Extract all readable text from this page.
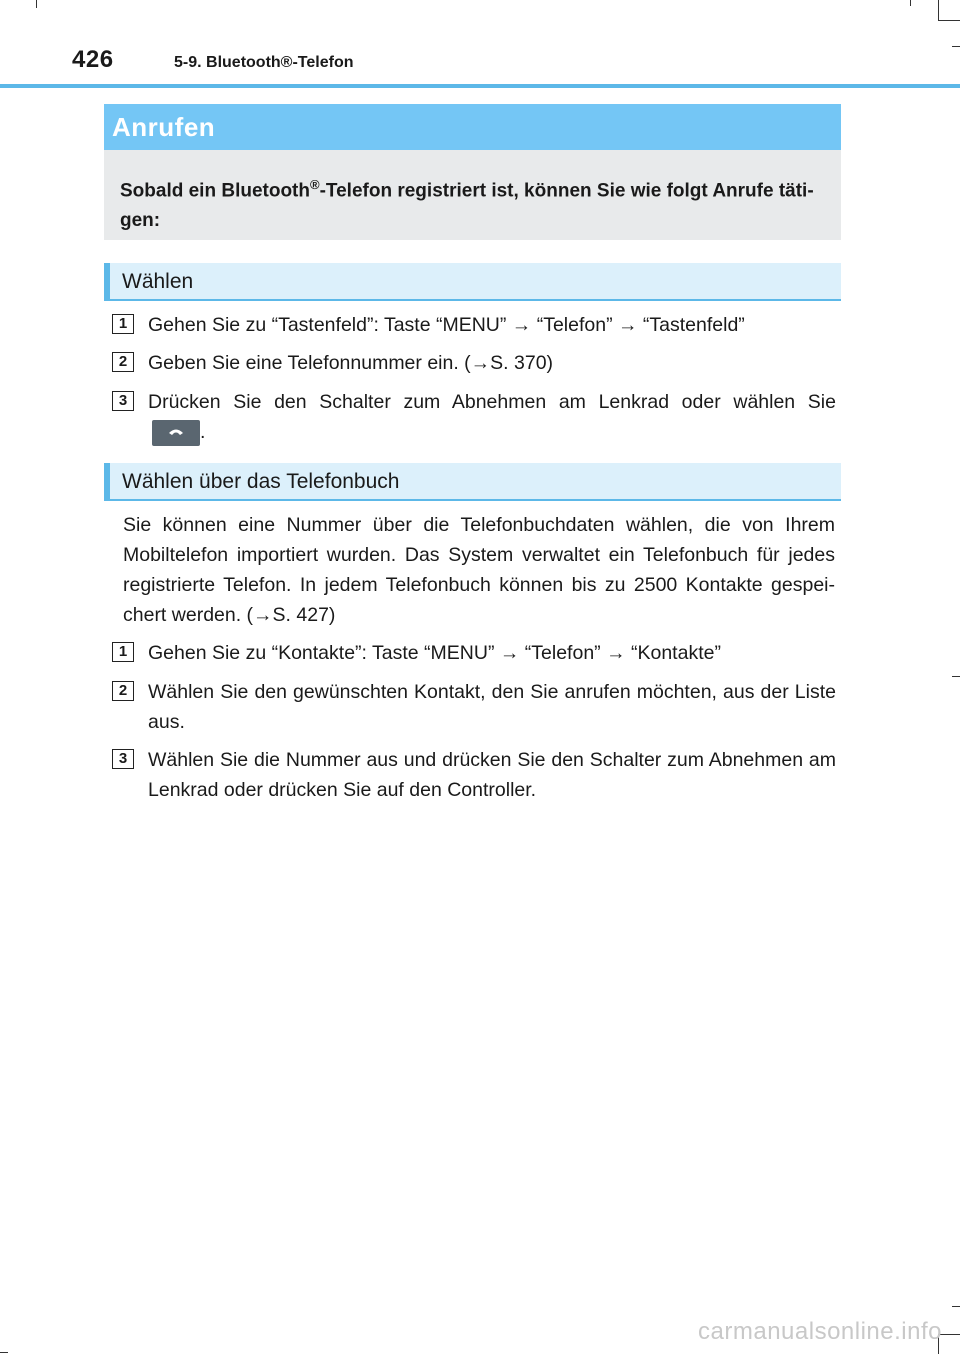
426	5-9. Bluetooth®-Telefon
Anrufen
Sobald ein Bluetooth®-Telefon registriert ist, können Sie wie folgt Anrufe täti-gen:
Wählen
1	Gehen Sie zu “Tastenfeld”: Taste “MENU” → “Telefon” → “Tastenfeld”
2	Geben Sie eine Telefonnummer ein. (→S. 370)
3	Drücken Sie den Schalter zum Abnehmen am Lenkrad oder wählen Sie
.
Wählen über das Telefonbuch
Sie können eine Nummer über die Telefonbuchdaten wählen, die von Ihrem Mobiltelefon importiert wurden. Das System verwaltet ein Telefonbuch für jedes registrierte Telefon. In jedem Telefonbuch können bis zu 2500 Kontakte gespei-chert werden. (→S. 427)
1	Gehen Sie zu “Kontakte”: Taste “MENU” → “Telefon” → “Kontakte”
2	Wählen Sie den gewünschten Kontakt, den Sie anrufen möchten, aus der Liste aus.
3	Wählen Sie die Nummer aus und drücken Sie den Schalter zum Abnehmen am Lenkrad oder drücken Sie auf den Controller.
carmanualsonline.info
